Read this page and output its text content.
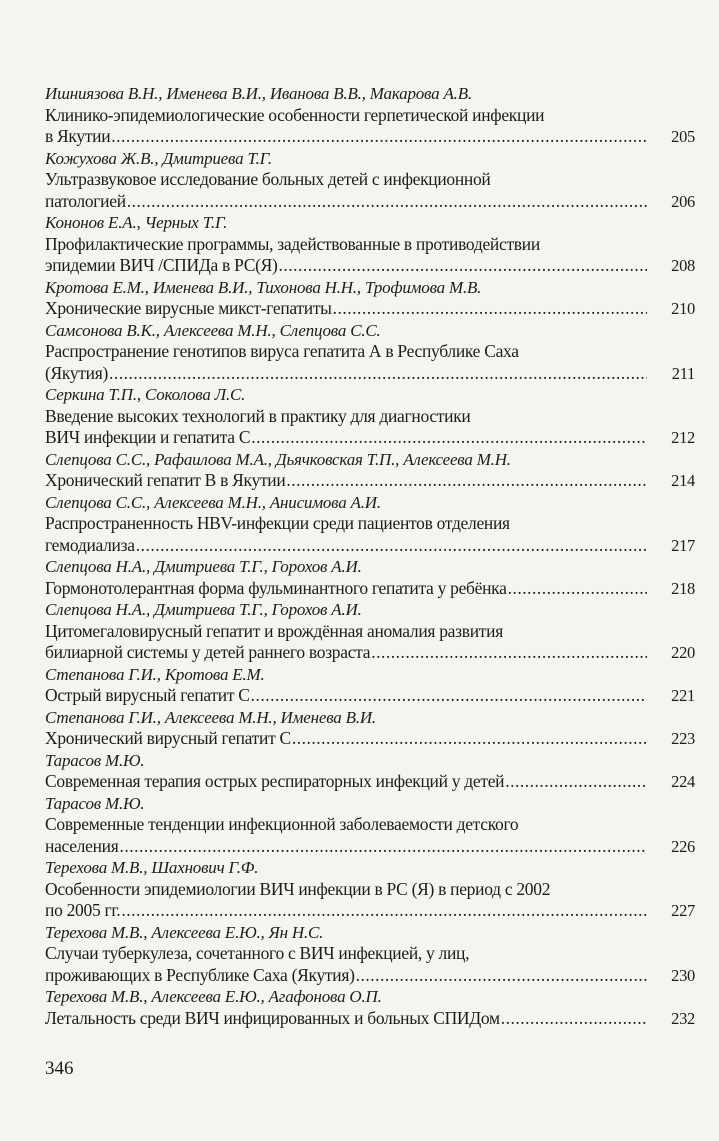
Ишниязова В.Н., Именева В.И., Иванова В.В., Макарова А.В.
Клинико-эпидемиологические особенности герпетической инфекции
в Якутии .....	205
Кожухова Ж.В., Дмитриева Т.Г.
Ультразвуковое исследование больных детей с инфекционной
патологией .....	206
Кононов Е.А., Черных Т.Г.
Профилактические программы, задействованные в противодействии
эпидемии ВИЧ /СПИДа в РС(Я) .....	208
Кротова Е.М., Именева В.И., Тихонова Н.Н., Трофимова М.В.
Хронические вирусные микст-гепатиты .....	210
Самсонова В.К., Алексеева М.Н., Слепцова С.С.
Распространение генотипов вируса гепатита А в Республике Саха
(Якутия) .....	211
Серкина Т.П., Соколова Л.С.
Введение высоких технологий в практику для диагностики
ВИЧ инфекции и гепатита С .....	212
Слепцова С.С., Рафаилова М.А., Дьячковская Т.П., Алексеева М.Н.
Хронический гепатит В в Якутии .....	214
Слепцова С.С., Алексеева М.Н., Анисимова А.И.
Распространенность HBV-инфекции среди пациентов отделения
гемодиализа .....	217
Слепцова Н.А., Дмитриева Т.Г., Горохов А.И.
Гормонотолерантная форма фульминантного гепатита у ребёнка .....	218
Слепцова Н.А., Дмитриева Т.Г., Горохов А.И.
Цитомегаловирусный гепатит и врождённая аномалия развития
билиарной системы у детей раннего возраста .....	220
Степанова Г.И., Кротова Е.М.
Острый вирусный гепатит С .....	221
Степанова Г.И., Алексеева М.Н., Именева В.И.
Хронический вирусный гепатит С .....	223
Тарасов М.Ю.
Современная терапия острых респираторных инфекций у детей .....	224
Тарасов М.Ю.
Современные тенденции инфекционной заболеваемости детского
населения .....	226
Терехова М.В., Шахнович Г.Ф.
Особенности эпидемиологии ВИЧ инфекции в РС (Я) в период с 2002
по 2005 гг. .....	227
Терехова М.В., Алексеева Е.Ю., Ян Н.С.
Случаи туберкулеза, сочетанного с ВИЧ инфекцией, у лиц,
проживающих в Республике Саха (Якутия) .....	230
Терехова М.В., Алексеева Е.Ю., Агафонова О.П.
Летальность среди ВИЧ инфицированных и больных СПИДом .....	232
346
